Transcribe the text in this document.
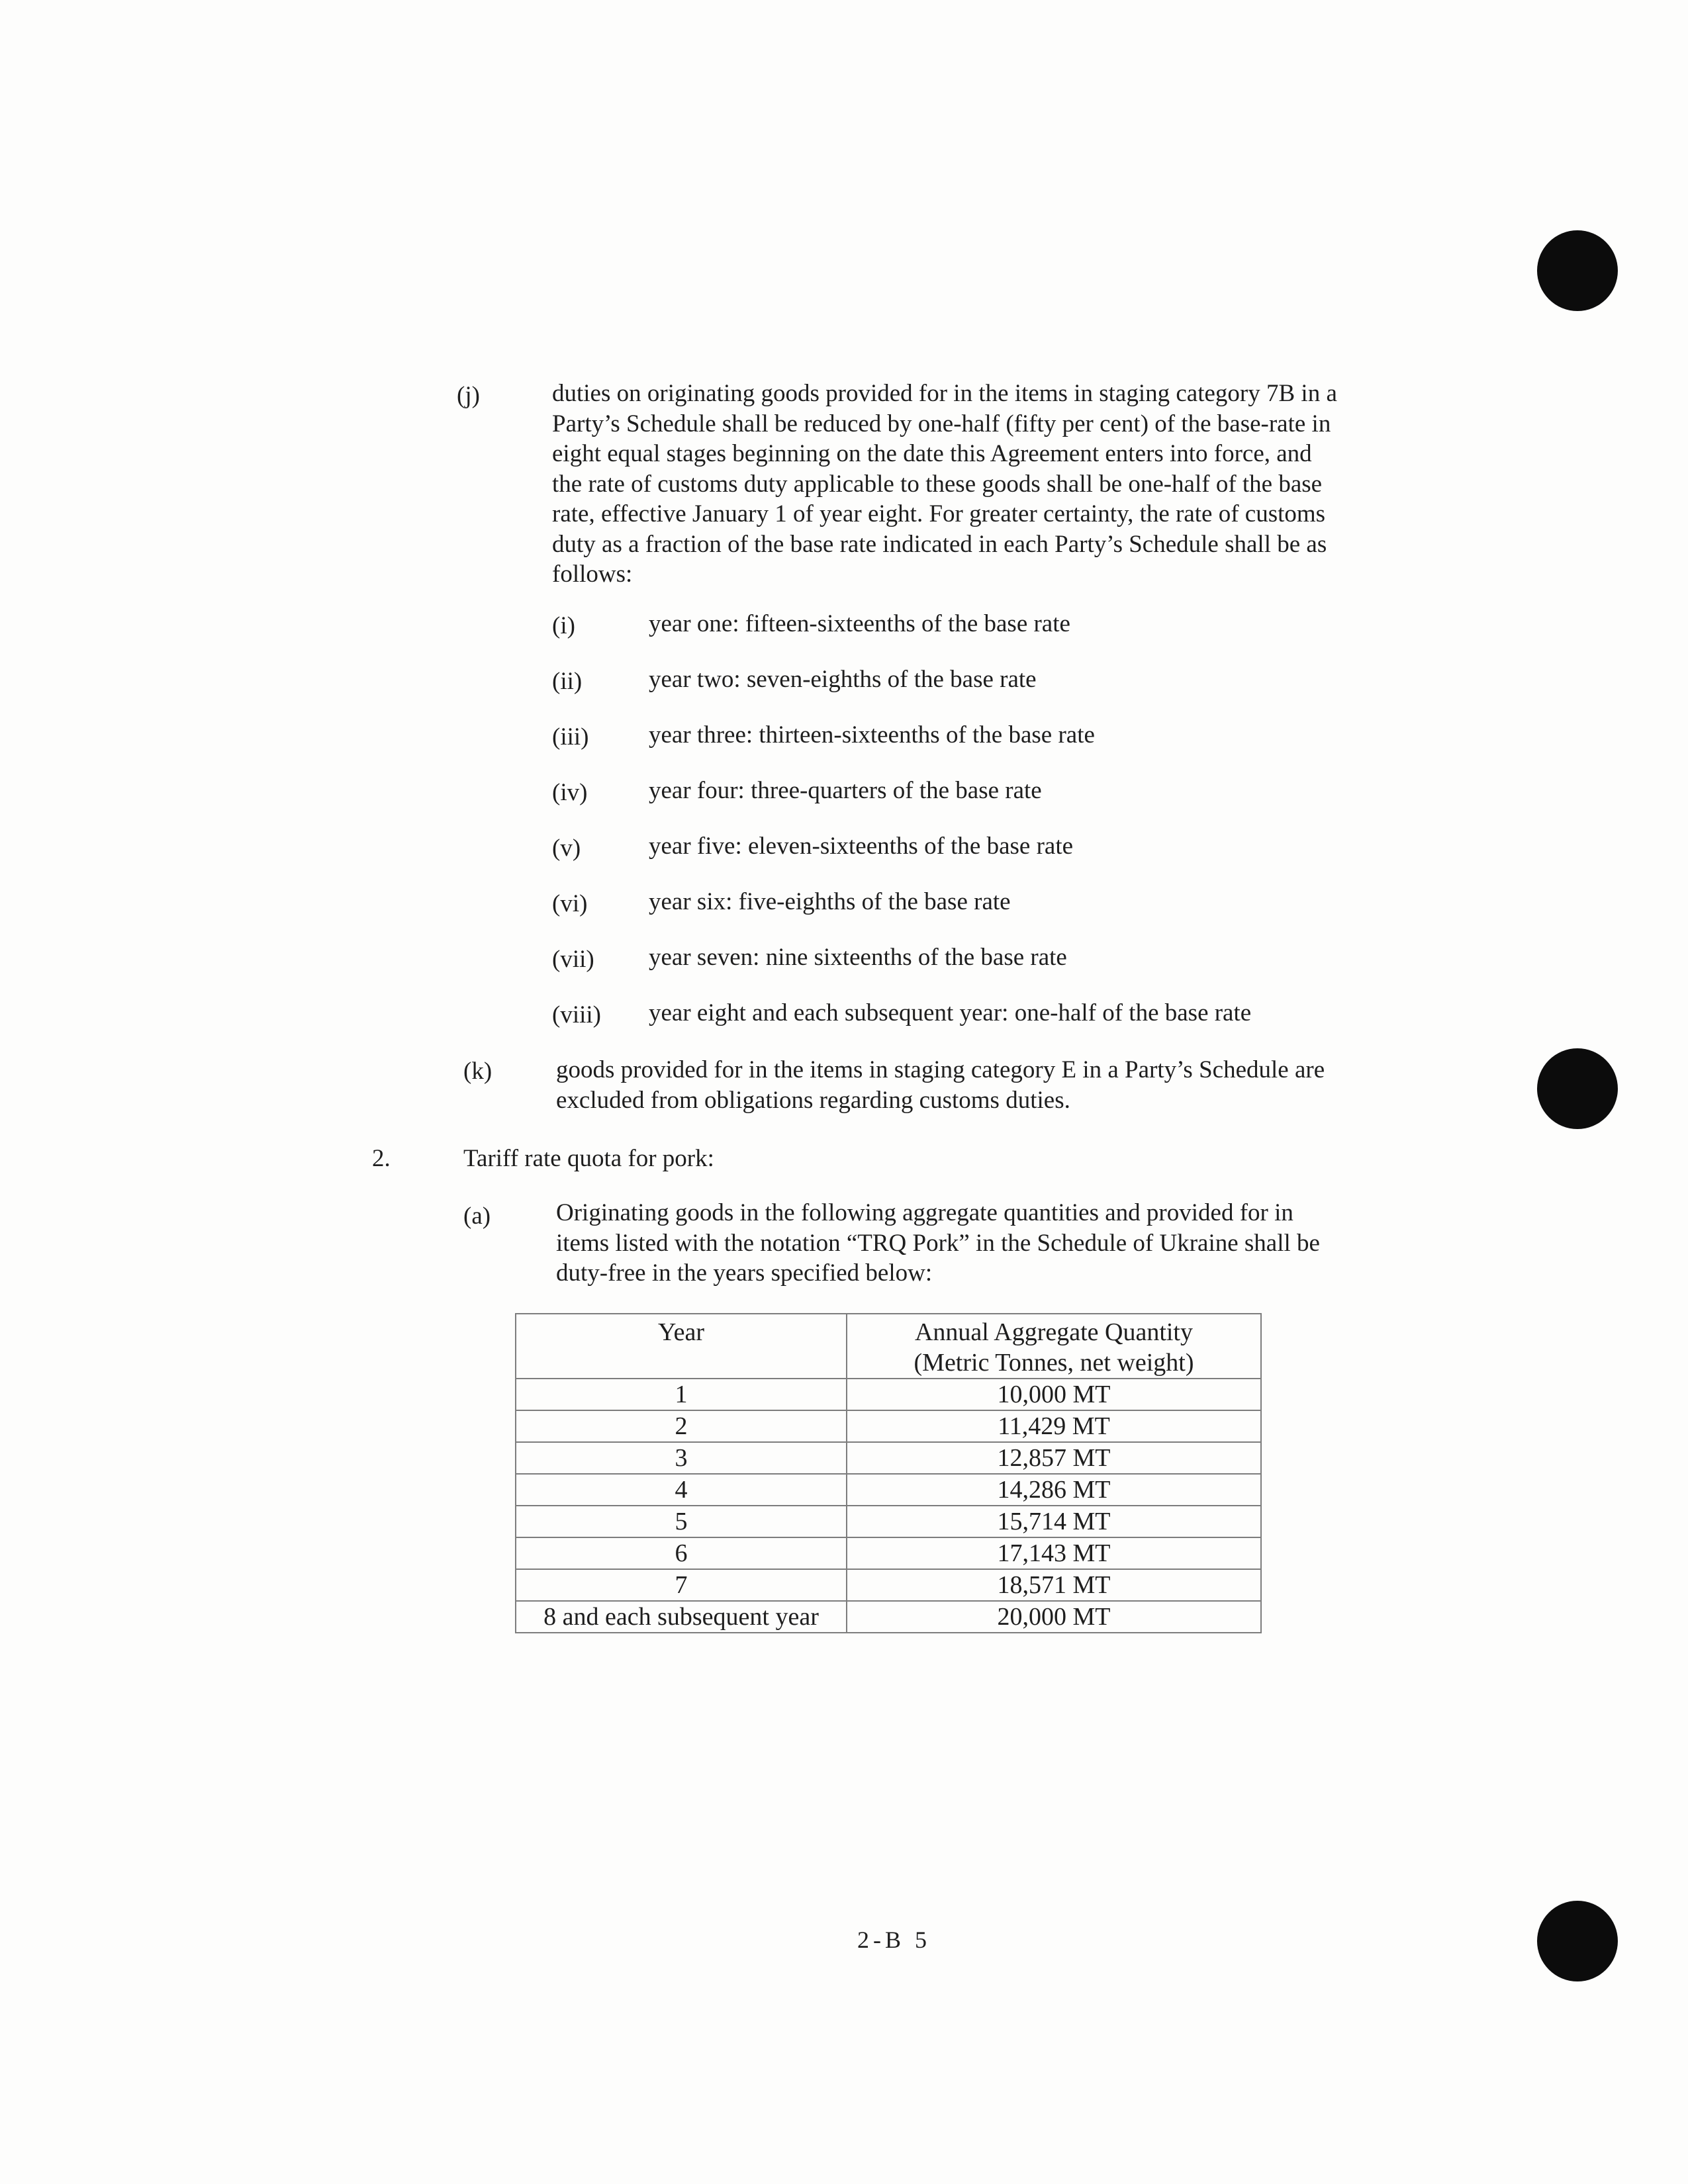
(j)	duties on originating goods provided for in the items in staging category 7B in a
Party’s Schedule shall be reduced by one-half (fifty per cent) of the base-rate in
eight equal stages beginning on the date this Agreement enters into force, and
the rate of customs duty applicable to these goods shall be one-half of the base
rate, effective January 1 of year eight. For greater certainty, the rate of customs
duty as a fraction of the base rate indicated in each Party’s Schedule shall be as
follows:
(i)	year one: fifteen-sixteenths of the base rate
(ii)	year two: seven-eighths of the base rate
(iii) year three: thirteen-sixteenths of the base rate
(iv)	year four: three-quarters of the base rate
(v)	year five: eleven-sixteenths of the base rate
(vi)	year six: five-eighths of the base rate
(vii) year seven: nine sixteenths of the base rate
(viii) year eight and each subsequent year: one-half of the base rate
(k)	goods provided for in the items in staging category E in a Party’s Schedule are
excluded from obligations regarding customs duties.
2.	Tariff rate quota for pork:
(a)	Originating goods in the following aggregate quantities and provided for in
items listed with the notation “TRQ Pork” in the Schedule of Ukraine shall be
duty-free in the years specified below:
Year	Annual Aggregate Quantity
(Metric Tonnes, net weight)

1	10,000 MT
2	11,429 MT
3	12,857 MT
4	14,286 MT
5	15,714 MT
6	17,143 MT
7	18,571 MT
8 and each subsequent year	20,000 MT
2-B 5
